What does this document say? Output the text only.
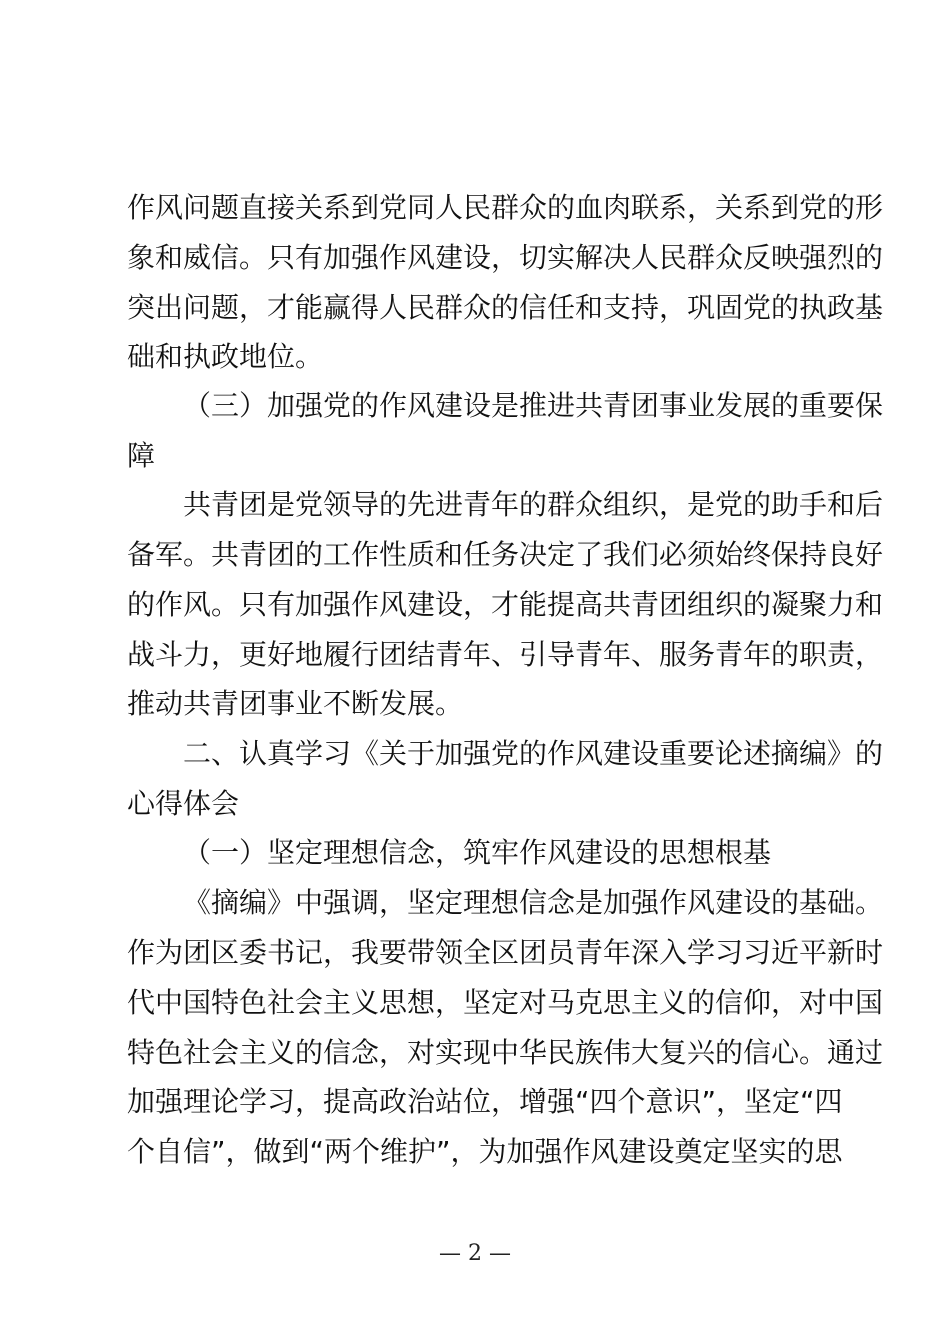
作风问题直接关系到党同人民群众的血肉联系，关系到党的形
象和威信。只有加强作风建设，切实解决人民群众反映强烈的
突出问题，才能赢得人民群众的信任和支持，巩固党的执政基
础和执政地位。
（三）加强党的作风建设是推进共青团事业发展的重要保
障
共青团是党领导的先进青年的群众组织，是党的助手和后
备军。共青团的工作性质和任务决定了我们必须始终保持良好
的作风。只有加强作风建设，才能提高共青团组织的凝聚力和
战斗力，更好地履行团结青年、引导青年、服务青年的职责，
推动共青团事业不断发展。
二、认真学习《关于加强党的作风建设重要论述摘编》的
心得体会
（一）坚定理想信念，筑牢作风建设的思想根基
《摘编》中强调，坚定理想信念是加强作风建设的基础。
作为团区委书记，我要带领全区团员青年深入学习习近平新时
代中国特色社会主义思想，坚定对马克思主义的信仰，对中国
特色社会主义的信念，对实现中华民族伟大复兴的信心。通过
加强理论学习，提高政治站位，增强“四个意识”，坚定“四
个自信”，做到“两个维护”，为加强作风建设奠定坚实的思
— 2 —
